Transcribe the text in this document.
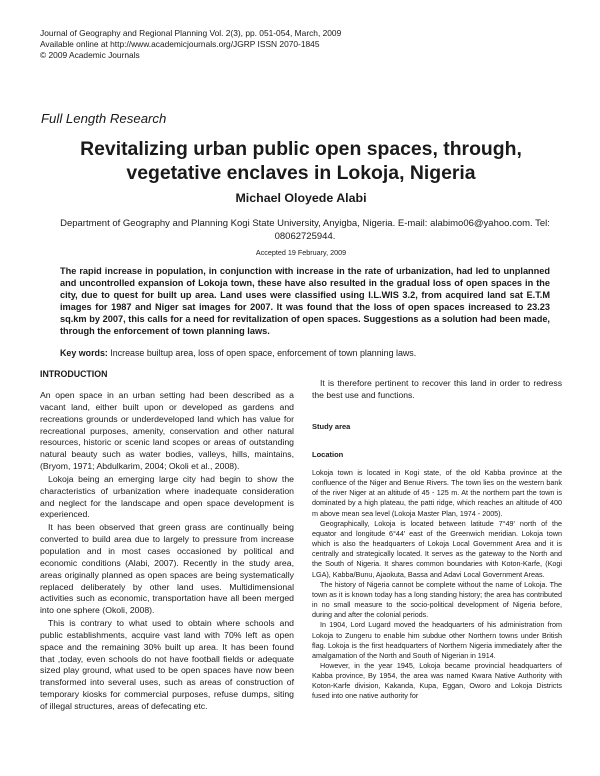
Journal of Geography and Regional Planning Vol. 2(3), pp. 051-054, March, 2009
Available online at http://www.academicjournals.org/JGRP ISSN 2070-1845
© 2009 Academic Journals
Full Length Research
Revitalizing urban public open spaces, through, vegetative enclaves in Lokoja, Nigeria
Michael Oloyede Alabi
Department of Geography and Planning Kogi State University, Anyigba, Nigeria. E-mail: alabimo06@yahoo.com. Tel: 08062725944.
Accepted 19 February, 2009
The rapid increase in population, in conjunction with increase in the rate of urbanization, had led to unplanned and uncontrolled expansion of Lokoja town, these have also resulted in the gradual loss of open spaces in the city, due to quest for built up area. Land uses were classified using I.L.WIS 3.2, from acquired land sat E.T.M images for 1987 and Niger sat images for 2007. It was found that the loss of open spaces increased to 23.23 sq.km by 2007, this calls for a need for revitalization of open spaces. Suggestions as a solution had been made, through the enforcement of town planning laws.
Key words: Increase builtup area, loss of open space, enforcement of town planning laws.
INTRODUCTION

An open space in an urban setting had been described as a vacant land, either built upon or developed as gardens and recreations grounds or underdeveloped land which has value for recreational purposes, amenity, conservation and other natural resources, historic or scenic land scopes or areas of outstanding natural beauty such as water bodies, valleys, hills, maintains, (Bryom, 1971; Abdulkarim, 2004; Okoli et al., 2008).

Lokoja being an emerging large city had begin to show the characteristics of urbanization where inadequate consideration and neglect for the landscape and open space development is experienced.

It has been observed that green grass are continually being converted to build area due to largely to pressure from increase population and in most cases occasioned by political and economic conditions (Alabi, 2007). Recently in the study area, areas originally planned as open spaces are being systematically replaced deliberately by other land uses. Multidimensional activities such as economic, transportation have all been merged into one sphere (Okoli, 2008).

This is contrary to what used to obtain where schools and public establishments, acquire vast land with 70% left as open space and the remaining 30% built up area. It has been found that ,today, even schools do not have football fields or adequate sized play ground, what used to be open spaces have now been transformed into several uses, such as areas of construction of temporary kiosks for commercial purposes, refuse dumps, siting of illegal structures, areas of defecating etc.

It is therefore pertinent to recover this land in order to redress the best use and functions.

Study area

Location

Lokoja town is located in Kogi state, of the old Kabba province at the confluence of the Niger and Benue Rivers. The town lies on the western bank of the river Niger at an altitude of 45 - 125 m. At the northern part the town is dominated by a high plateau, the patti ridge, which reaches an altitude of 400 m above mean sea level (Lokoja Master Plan, 1974 - 2005).

Geographically, Lokoja is located between latitude 7°49' north of the equator and longitude 6°44' east of the Greenwich meridian. Lokoja town which is also the headquarters of Lokoja Local Government Area and it is centrally and strategically located. It serves as the gateway to the North and the South of Nigeria. It shares common boundaries with Koton-Karfe, (Kogi LGA), Kabba/Bunu, Ajaokuta, Bassa and Adavi Local Government Areas.

The history of Nigeria cannot be complete without the name of Lokoja. The town as it is known today has a long standing history; the area has contributed in no small measure to the socio-political development of Nigeria before, during and after the colonial periods.

In 1904, Lord Lugard moved the headquarters of his administration from Lokoja to Zungeru to enable him subdue other Northern towns under British flag. Lokoja is the first headquarters of Northern Nigeria immediately after the amalgamation of the North and South of Nigerian in 1914.

However, in the year 1945, Lokoja became provincial headquarters of Kabba province, By 1954, the area was named Kwara Native Authority with Koton-Karfe division, Kakanda, Kupa, Eggan, Oworo and Lokoja Districts fused into one native authority for
